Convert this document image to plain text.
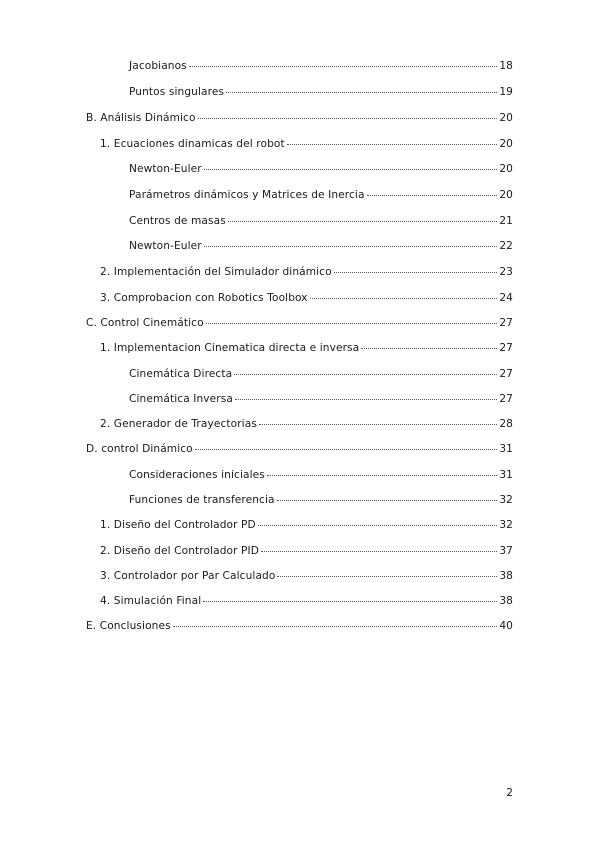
Jacobianos	18
Puntos singulares	19
B. Análisis Dinámico	20
1. Ecuaciones dinamicas del robot	20
Newton-Euler	20
Parámetros dinámicos y Matrices de Inercia	20
Centros de masas	21
Newton-Euler	22
2. Implementación del Simulador dinámico	23
3. Comprobacion con Robotics Toolbox	24
C. Control Cinemático	27
1. Implementacion Cinematica directa e inversa	27
Cinemática Directa	27
Cinemática Inversa	27
2. Generador de Trayectorias	28
D. control Dinámico	31
Consideraciones iniciales	31
Funciones de transferencia	32
1. Diseño del Controlador PD	32
2. Diseño del Controlador PID	37
3. Controlador por Par Calculado	38
4. Simulación Final	38
E. Conclusiones	40
2
